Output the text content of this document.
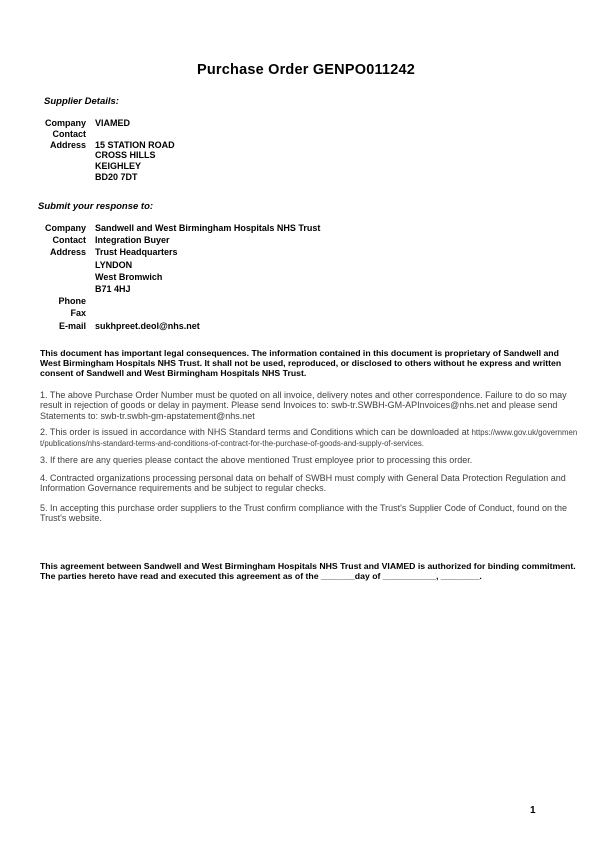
Purchase Order GENPO011242
Supplier Details:
Company VIAMED
Contact
Address 15 STATION ROAD
CROSS HILLS
KEIGHLEY
BD20 7DT
Submit your response to:
Company Sandwell and West Birmingham Hospitals NHS Trust
Contact Integration Buyer
Address Trust Headquarters
LYNDON
West Bromwich
B71 4HJ
Phone
Fax
E-mail sukhpreet.deol@nhs.net
This document has important legal consequences. The information contained in this document is proprietary of Sandwell and West Birmingham Hospitals NHS Trust. It shall not be used, reproduced, or disclosed to others without he express and written consent of Sandwell and West Birmingham Hospitals NHS Trust.
1. The above Purchase Order Number must be quoted on all invoice, delivery notes and other correspondence. Failure to do so may result in rejection of goods or delay in payment. Please send Invoices to: swb-tr.SWBH-GM-APInvoices@nhs.net and please send Statements to: swb-tr.swbh-gm-apstatement@nhs.net
2. This order is issued in accordance with NHS Standard terms and Conditions which can be downloaded at https://www.gov.uk/government/publications/nhs-standard-terms-and-conditions-of-contract-for-the-purchase-of-goods-and-supply-of-services.
3. If there are any queries please contact the above mentioned Trust employee prior to processing this order.
4. Contracted organizations processing personal data on behalf of SWBH must comply with General Data Protection Regulation and Information Governance requirements and be subject to regular checks.
5. In accepting this purchase order suppliers to the Trust confirm compliance with the Trust's Supplier Code of Conduct, found on the Trust's website.
This agreement between Sandwell and West Birmingham Hospitals NHS Trust and VIAMED is authorized for binding commitment. The parties hereto have read and executed this agreement as of the _______day of ___________, ________.
1
